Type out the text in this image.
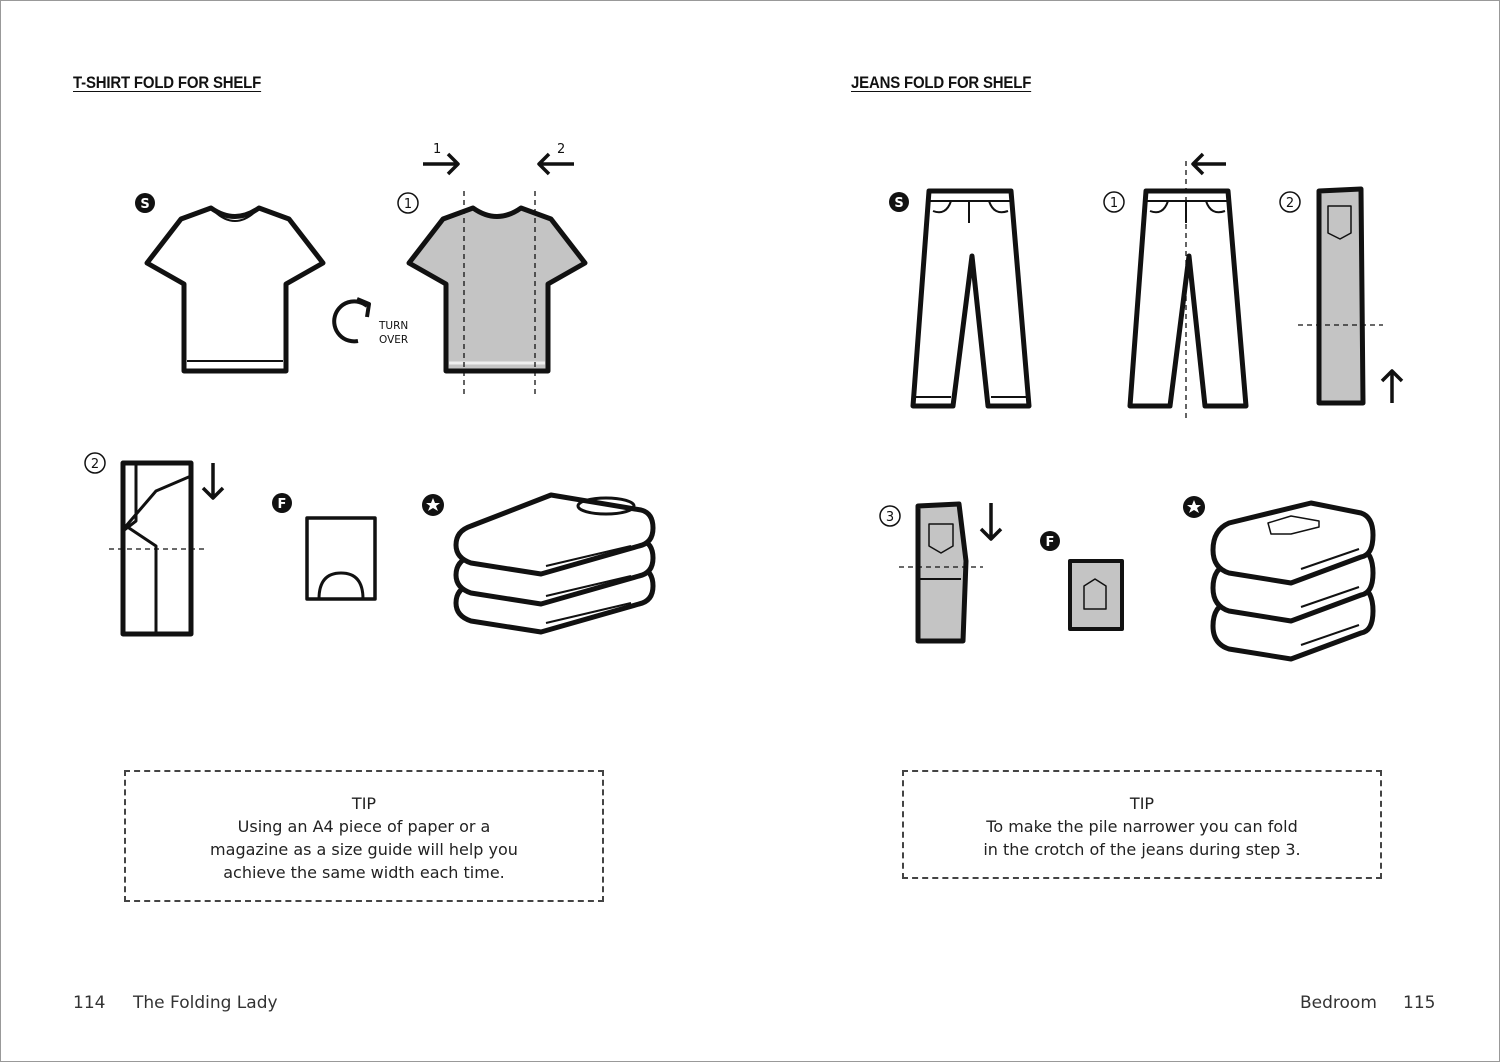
T-SHIRT FOLD FOR SHELF	JEANS FOLD FOR SHELF
S
TURN
OVER
1
1	2
2
F
S	1	2
3
F
TIP
Using an A4 piece of paper or a
magazine as a size guide will help you
achieve the same width each time.
TIP
To make the pile narrower you can fold
in the crotch of the jeans during step 3.
114 The Folding Lady	Bedroom 115
